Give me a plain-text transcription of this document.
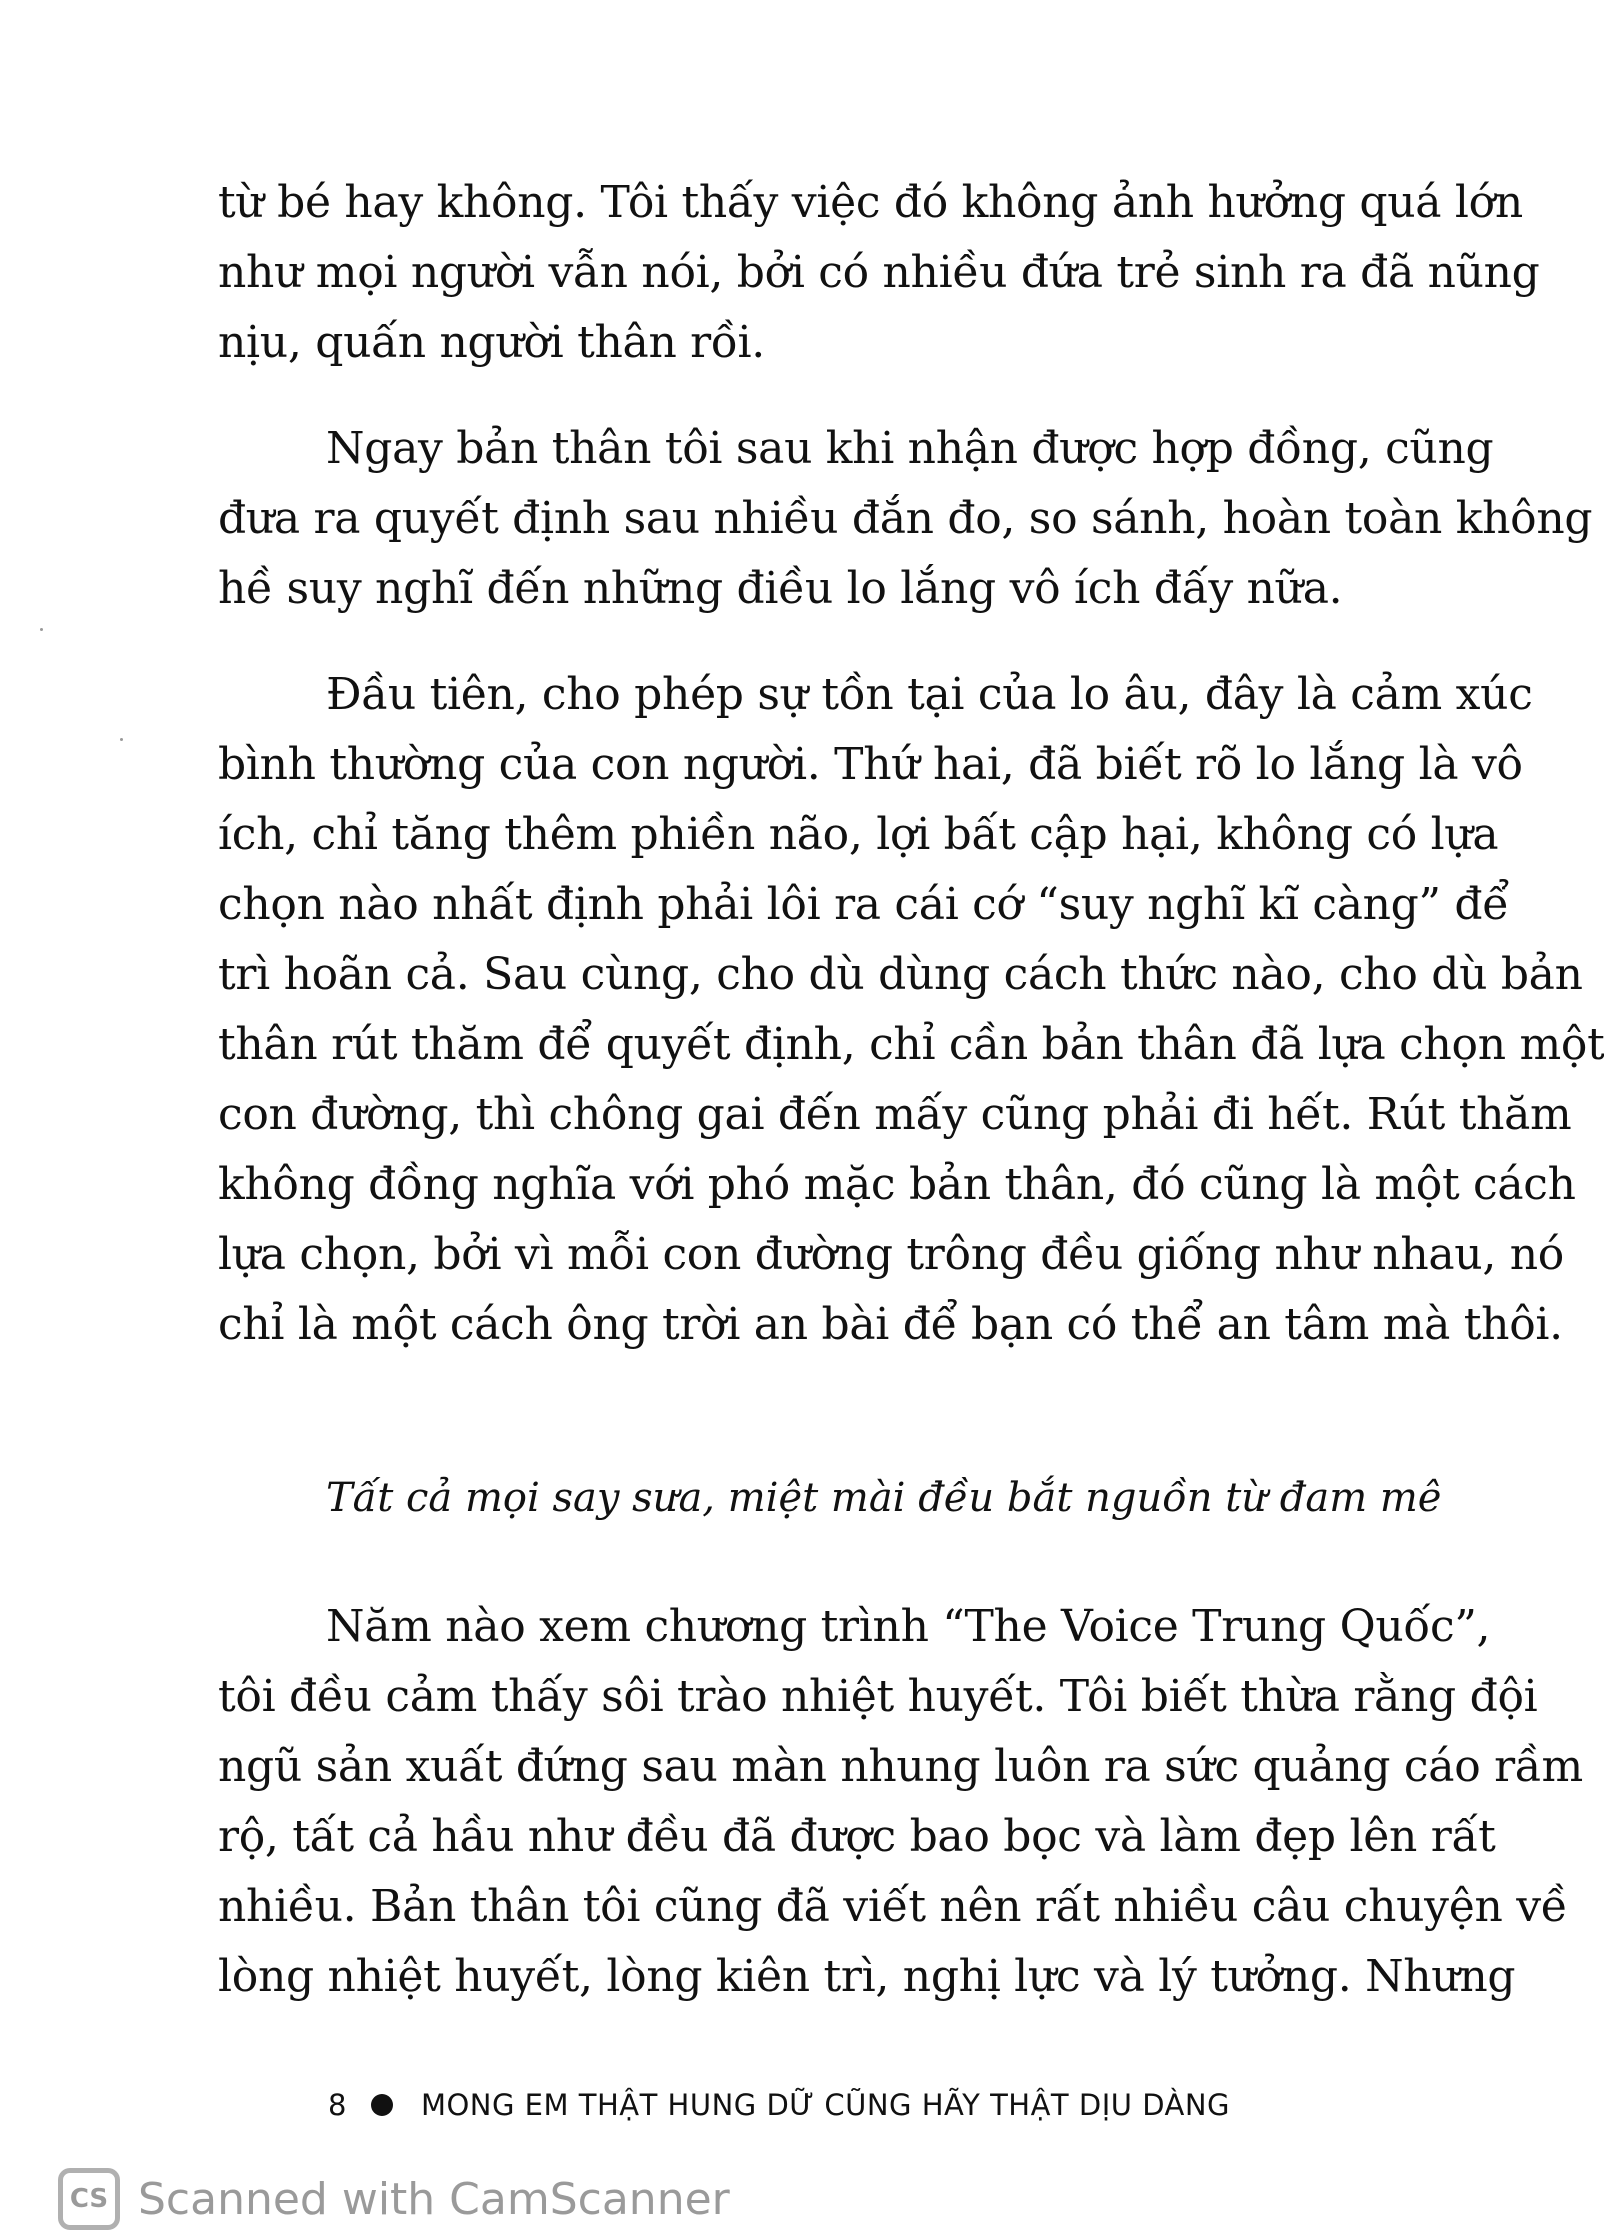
từ bé hay không. Tôi thấy việc đó không ảnh hưởng quá lớn
như mọi người vẫn nói, bởi có nhiều đứa trẻ sinh ra đã nũng
nịu, quấn người thân rồi.
Ngay bản thân tôi sau khi nhận được hợp đồng, cũng
đưa ra quyết định sau nhiều đắn đo, so sánh, hoàn toàn không
hề suy nghĩ đến những điều lo lắng vô ích đấy nữa.
Đầu tiên, cho phép sự tồn tại của lo âu, đây là cảm xúc
bình thường của con người. Thứ hai, đã biết rõ lo lắng là vô
ích, chỉ tăng thêm phiền não, lợi bất cập hại, không có lựa
chọn nào nhất định phải lôi ra cái cớ “suy nghĩ kĩ càng” để
trì hoãn cả. Sau cùng, cho dù dùng cách thức nào, cho dù bản
thân rút thăm để quyết định, chỉ cần bản thân đã lựa chọn một
con đường, thì chông gai đến mấy cũng phải đi hết. Rút thăm
không đồng nghĩa với phó mặc bản thân, đó cũng là một cách
lựa chọn, bởi vì mỗi con đường trông đều giống như nhau, nó
chỉ là một cách ông trời an bài để bạn có thể an tâm mà thôi.
Tất cả mọi say sưa, miệt mài đều bắt nguồn từ đam mê
Năm nào xem chương trình “The Voice Trung Quốc”,
tôi đều cảm thấy sôi trào nhiệt huyết. Tôi biết thừa rằng đội
ngũ sản xuất đứng sau màn nhung luôn ra sức quảng cáo rầm
rộ, tất cả hầu như đều đã được bao bọc và làm đẹp lên rất
nhiều. Bản thân tôi cũng đã viết nên rất nhiều câu chuyện về
lòng nhiệt huyết, lòng kiên trì, nghị lực và lý tưởng. Nhưng
8	MONG EM THẬT HUNG DỮ CŨNG HÃY THẬT DỊU DÀNG
CS Scanned with CamScanner
